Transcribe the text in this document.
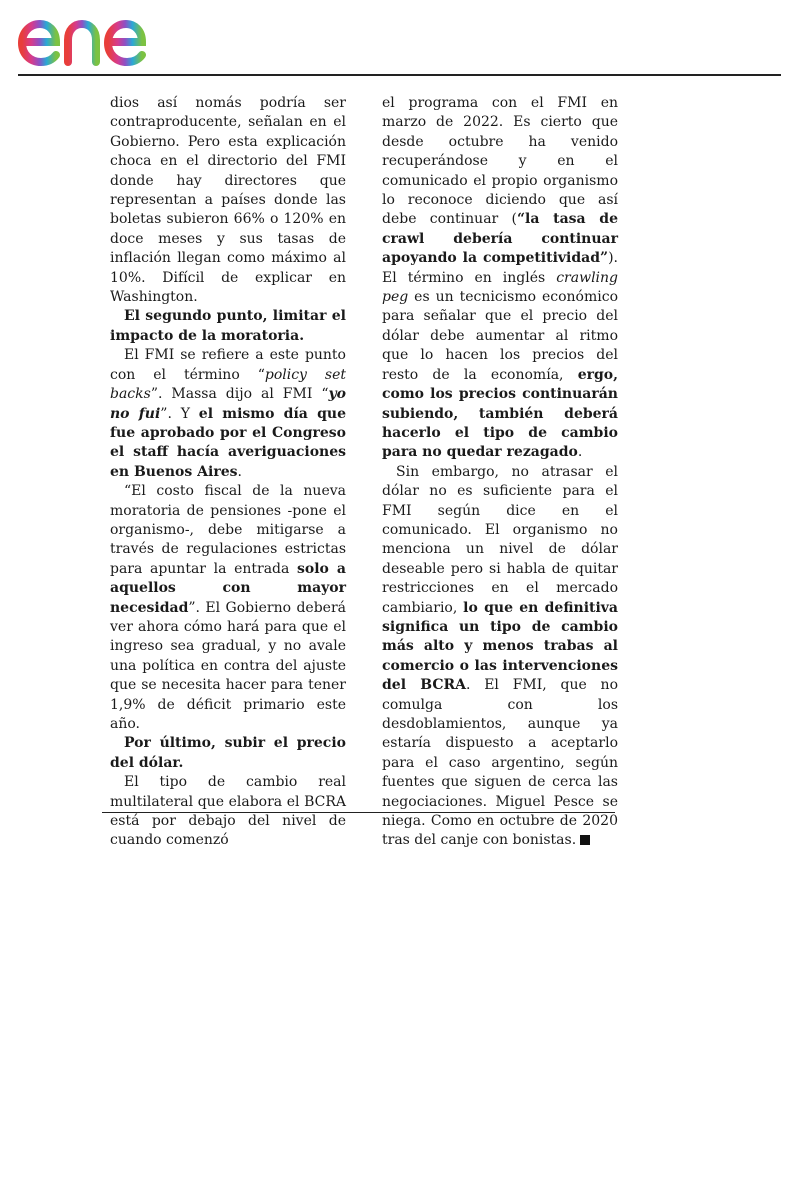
dios así nomás podría ser contraproducente, señalan en el Gobierno. Pero esta explicación choca en el directorio del FMI donde hay directores que representan a países donde las boletas subieron 66% o 120% en doce meses y sus tasas de inflación llegan como máximo al 10%. Difícil de explicar en Washington.

El segundo punto, limitar el impacto de la moratoria.

El FMI se refiere a este punto con el término “policy set backs”. Massa dijo al FMI “yo no fui”. Y el mismo día que fue aprobado por el Congreso el staff hacía averiguaciones en Buenos Aires.

“El costo fiscal de la nueva moratoria de pensiones -pone el organismo-, debe mitigarse a través de regulaciones estrictas para apuntar la entrada solo a aquellos con mayor necesidad”. El Gobierno deberá ver ahora cómo hará para que el ingreso sea gradual, y no avale una política en contra del ajuste que se necesita hacer para tener 1,9% de déficit primario este año.

Por último, subir el precio del dólar.

El tipo de cambio real multilateral que elabora el BCRA está por debajo del nivel de cuando comenzó

el programa con el FMI en marzo de 2022. Es cierto que desde octubre ha venido recuperándose y en el comunicado el propio organismo lo reconoce diciendo que así debe continuar (“la tasa de crawl debería continuar apoyando la competitividad”). El término en inglés crawling peg es un tecnicismo económico para señalar que el precio del dólar debe aumentar al ritmo que lo hacen los precios del resto de la economía, ergo, como los precios continuarán subiendo, también deberá hacerlo el tipo de cambio para no quedar rezagado.

Sin embargo, no atrasar el dólar no es suficiente para el FMI según dice en el comunicado. El organismo no menciona un nivel de dólar deseable pero si habla de quitar restricciones en el mercado cambiario, lo que en definitiva significa un tipo de cambio más alto y menos trabas al comercio o las intervenciones del BCRA. El FMI, que no comulga con los desdoblamientos, aunque ya estaría dispuesto a aceptarlo para el caso argentino, según fuentes que siguen de cerca las negociaciones. Miguel Pesce se niega. Como en octubre de 2020 tras del canje con bonistas.
